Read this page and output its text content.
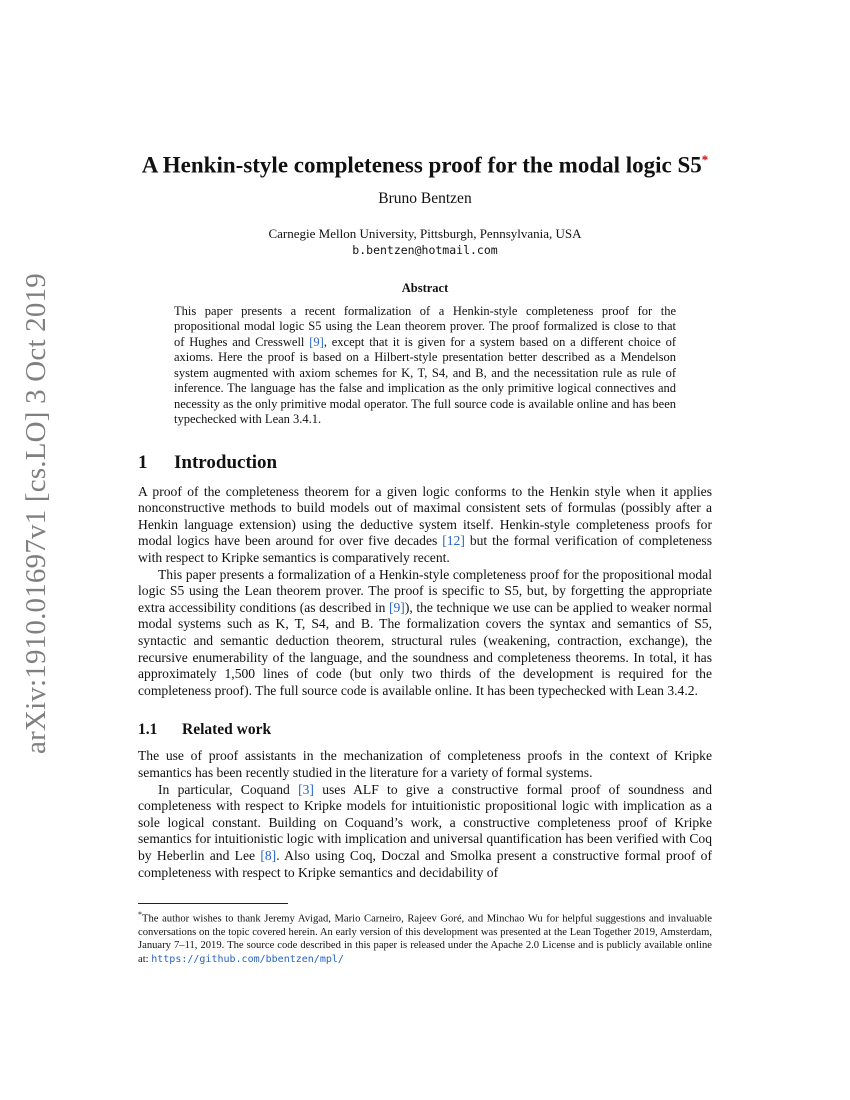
arXiv:1910.01697v1 [cs.LO] 3 Oct 2019
A Henkin-style completeness proof for the modal logic S5*
Bruno Bentzen
Carnegie Mellon University, Pittsburgh, Pennsylvania, USA
b.bentzen@hotmail.com
Abstract

This paper presents a recent formalization of a Henkin-style completeness proof for the propositional modal logic S5 using the Lean theorem prover. The proof formalized is close to that of Hughes and Cresswell [9], except that it is given for a system based on a different choice of axioms. Here the proof is based on a Hilbert-style presentation better described as a Mendelson system augmented with axiom schemes for K, T, S4, and B, and the necessitation rule as rule of inference. The language has the false and implication as the only primitive logical connectives and necessity as the only primitive modal operator. The full source code is available online and has been typechecked with Lean 3.4.1.

1 Introduction

A proof of the completeness theorem for a given logic conforms to the Henkin style when it applies nonconstructive methods to build models out of maximal consistent sets of formulas (possibly after a Henkin language extension) using the deductive system itself. Henkin-style completeness proofs for modal logics have been around for over five decades [12] but the formal verification of completeness with respect to Kripke semantics is comparatively recent.

This paper presents a formalization of a Henkin-style completeness proof for the propositional modal logic S5 using the Lean theorem prover. The proof is specific to S5, but, by forgetting the appropriate extra accessibility conditions (as described in [9]), the technique we use can be applied to weaker normal modal systems such as K, T, S4, and B. The formalization covers the syntax and semantics of S5, syntactic and semantic deduction theorem, structural rules (weakening, contraction, exchange), the recursive enumerability of the language, and the soundness and completeness theorems. In total, it has approximately 1,500 lines of code (but only two thirds of the development is required for the completeness proof). The full source code is available online. It has been typechecked with Lean 3.4.2.

1.1 Related work

The use of proof assistants in the mechanization of completeness proofs in the context of Kripke semantics has been recently studied in the literature for a variety of formal systems.

In particular, Coquand [3] uses ALF to give a constructive formal proof of soundness and completeness with respect to Kripke models for intuitionistic propositional logic with implication as a sole logical constant. Building on Coquand’s work, a constructive completeness proof of Kripke semantics for intuitionistic logic with implication and universal quantification has been verified with Coq by Heberlin and Lee [8]. Also using Coq, Doczal and Smolka present a constructive formal proof of completeness with respect to Kripke semantics and decidability of

*The author wishes to thank Jeremy Avigad, Mario Carneiro, Rajeev Goré, and Minchao Wu for helpful suggestions and invaluable conversations on the topic covered herein. An early version of this development was presented at the Lean Together 2019, Amsterdam, January 7–11, 2019. The source code described in this paper is released under the Apache 2.0 License and is publicly available online at: https://github.com/bbentzen/mpl/
